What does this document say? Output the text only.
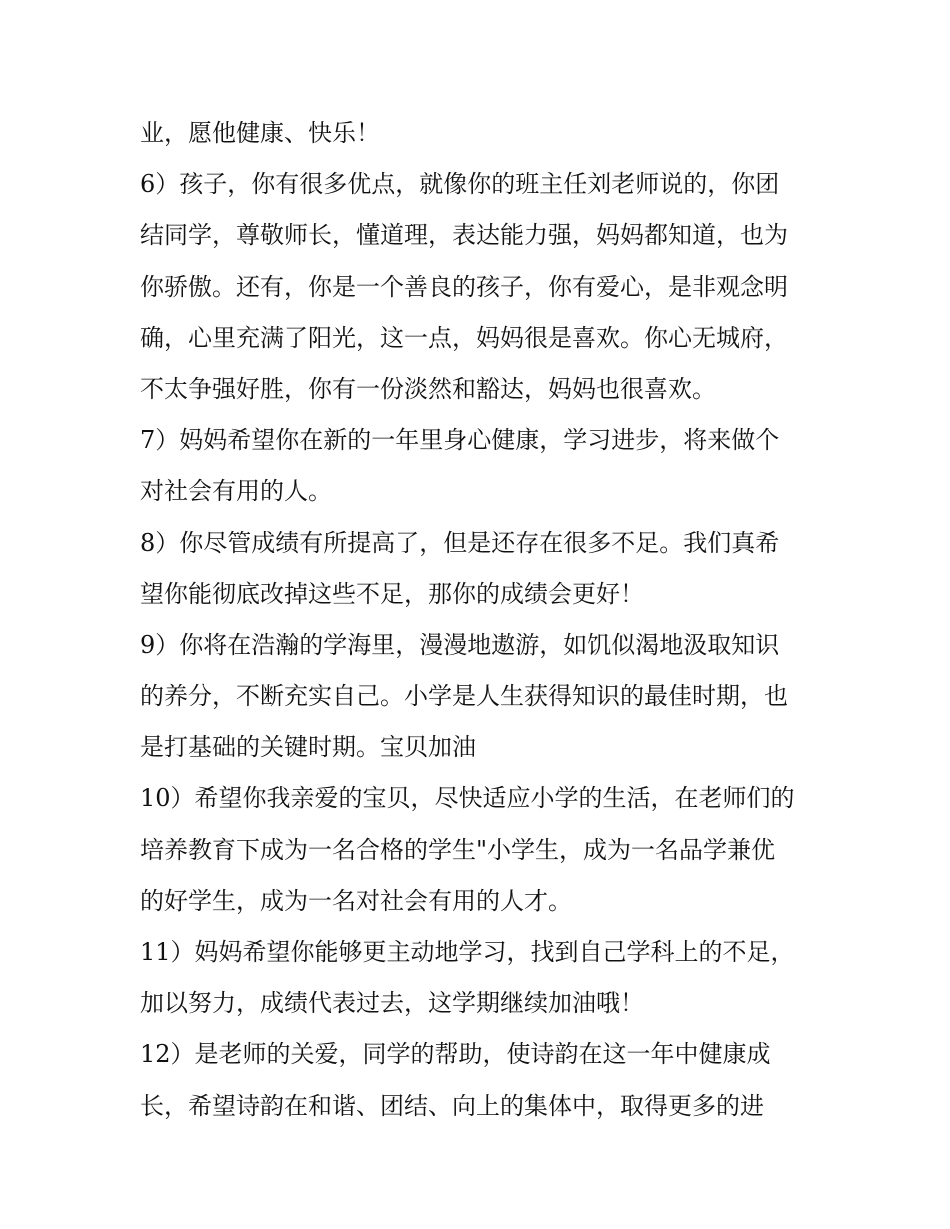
业，愿他健康、快乐！
6）孩子，你有很多优点，就像你的班主任刘老师说的，你团
结同学，尊敬师长，懂道理，表达能力强，妈妈都知道，也为
你骄傲。还有，你是一个善良的孩子，你有爱心，是非观念明
确，心里充满了阳光，这一点，妈妈很是喜欢。你心无城府，
不太争强好胜，你有一份淡然和豁达，妈妈也很喜欢。
7）妈妈希望你在新的一年里身心健康，学习进步，将来做个
对社会有用的人。
8）你尽管成绩有所提高了，但是还存在很多不足。我们真希
望你能彻底改掉这些不足，那你的成绩会更好！
9）你将在浩瀚的学海里，漫漫地遨游，如饥似渴地汲取知识
的养分，不断充实自己。小学是人生获得知识的最佳时期，也
是打基础的关键时期。宝贝加油
10）希望你我亲爱的宝贝，尽快适应小学的生活，在老师们的
培养教育下成为一名合格的学生"小学生，成为一名品学兼优
的好学生，成为一名对社会有用的人才。
11）妈妈希望你能够更主动地学习，找到自己学科上的不足，
加以努力，成绩代表过去，这学期继续加油哦！
12）是老师的关爱，同学的帮助，使诗韵在这一年中健康成
长，希望诗韵在和谐、团结、向上的集体中，取得更多的进
